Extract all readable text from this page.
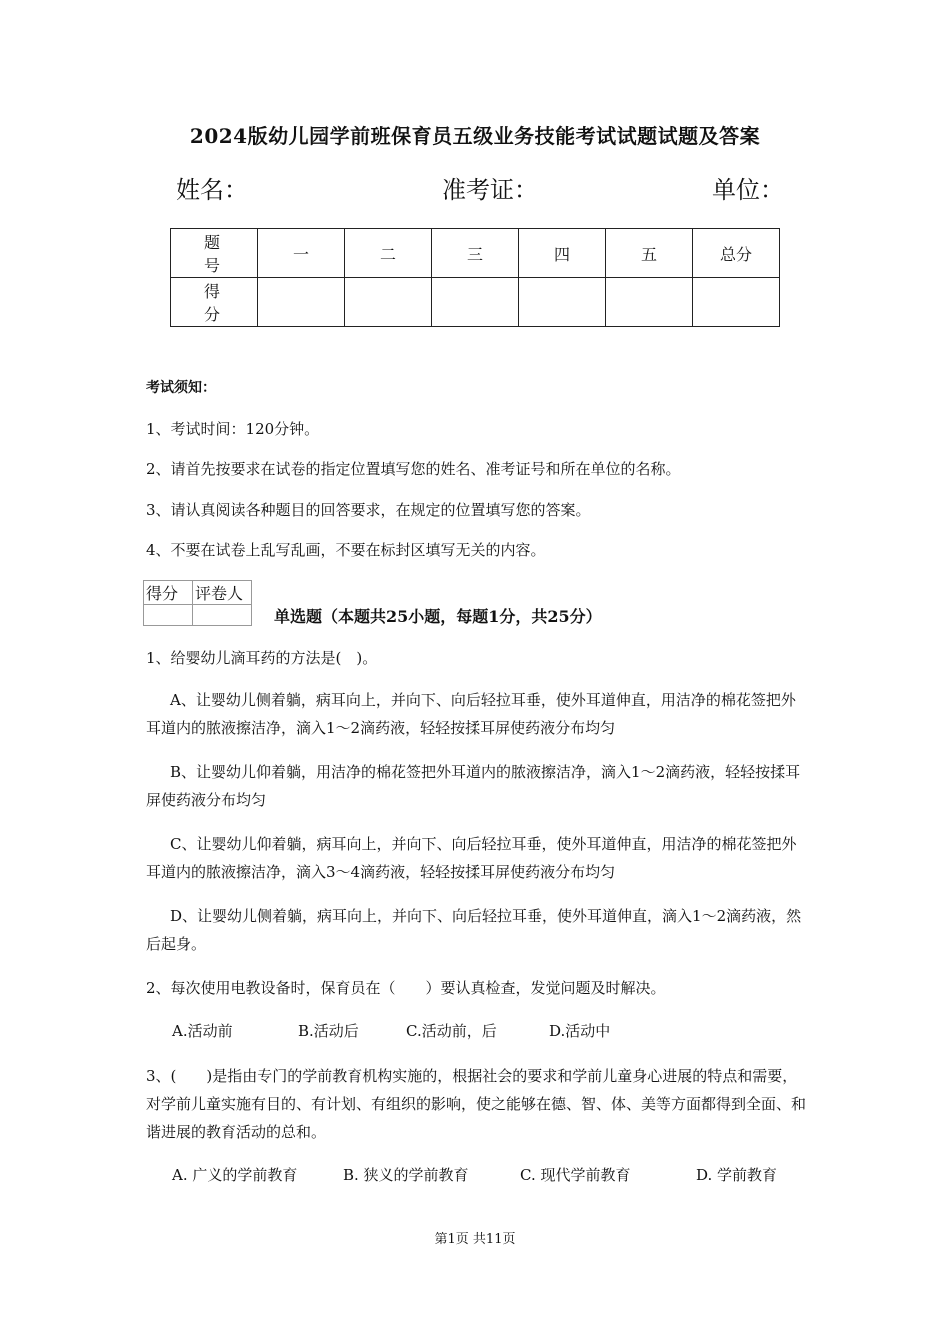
2024版幼儿园学前班保育员五级业务技能考试试题试题及答案
姓名：	准考证：	单位：
题　号	一	二	三	四	五	总分
得　分						
考试须知：
1、考试时间：120分钟。
2、请首先按要求在试卷的指定位置填写您的姓名、准考证号和所在单位的名称。
3、请认真阅读各种题目的回答要求，在规定的位置填写您的答案。
4、不要在试卷上乱写乱画，不要在标封区填写无关的内容。
得分	评卷人

单选题（本题共25小题，每题1分，共25分）
1、给婴幼儿滴耳药的方法是(　)。
A、让婴幼儿侧着躺，病耳向上，并向下、向后轻拉耳垂，使外耳道伸直，用洁净的棉花签把外耳道内的脓液擦洁净，滴入1～2滴药液，轻轻按揉耳屏使药液分布均匀
B、让婴幼儿仰着躺，用洁净的棉花签把外耳道内的脓液擦洁净，滴入1～2滴药液，轻轻按揉耳屏使药液分布均匀
C、让婴幼儿仰着躺，病耳向上，并向下、向后轻拉耳垂，使外耳道伸直，用洁净的棉花签把外耳道内的脓液擦洁净，滴入3～4滴药液，轻轻按揉耳屏使药液分布均匀
D、让婴幼儿侧着躺，病耳向上，并向下、向后轻拉耳垂，使外耳道伸直，滴入1～2滴药液，然后起身。
2、每次使用电教设备时，保育员在（　　）要认真检查，发觉问题及时解决。
A.活动前	B.活动后	C.活动前，后	D.活动中
3、(　　)是指由专门的学前教育机构实施的，根据社会的要求和学前儿童身心进展的特点和需要，对学前儿童实施有目的、有计划、有组织的影响，使之能够在德、智、体、美等方面都得到全面、和谐进展的教育活动的总和。
A. 广义的学前教育	B. 狭义的学前教育	C. 现代学前教育	D. 学前教育
第1页 共11页
